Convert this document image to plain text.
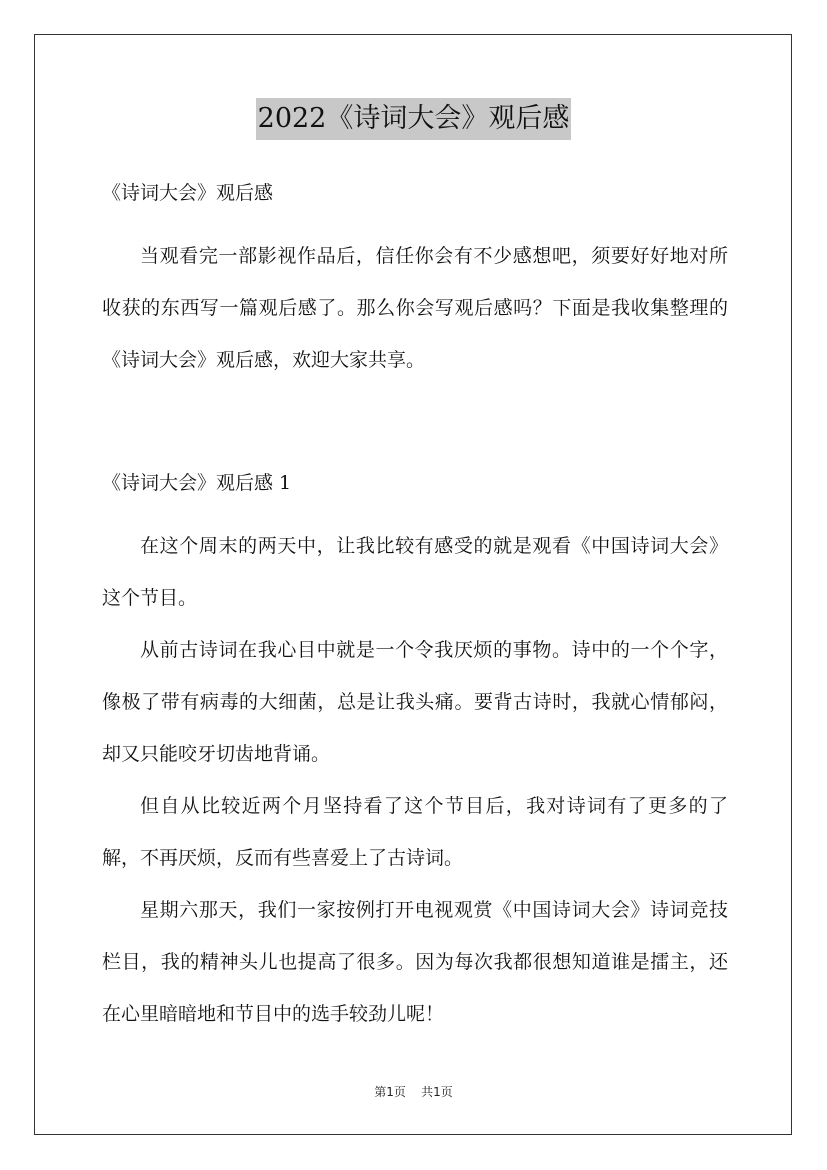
2022《诗词大会》观后感

《诗词大会》观后感

当观看完一部影视作品后，信任你会有不少感想吧，须要好好地对所收获的东西写一篇观后感了。那么你会写观后感吗？下面是我收集整理的《诗词大会》观后感，欢迎大家共享。

《诗词大会》观后感 1

在这个周末的两天中，让我比较有感受的就是观看《中国诗词大会》这个节目。

从前古诗词在我心目中就是一个令我厌烦的事物。诗中的一个个字，像极了带有病毒的大细菌，总是让我头痛。要背古诗时，我就心情郁闷，却又只能咬牙切齿地背诵。

但自从比较近两个月坚持看了这个节目后，我对诗词有了更多的了解，不再厌烦，反而有些喜爱上了古诗词。

星期六那天，我们一家按例打开电视观赏《中国诗词大会》诗词竞技栏目，我的精神头儿也提高了很多。因为每次我都很想知道谁是擂主，还在心里暗暗地和节目中的选手较劲儿呢！

第1页 共1页
